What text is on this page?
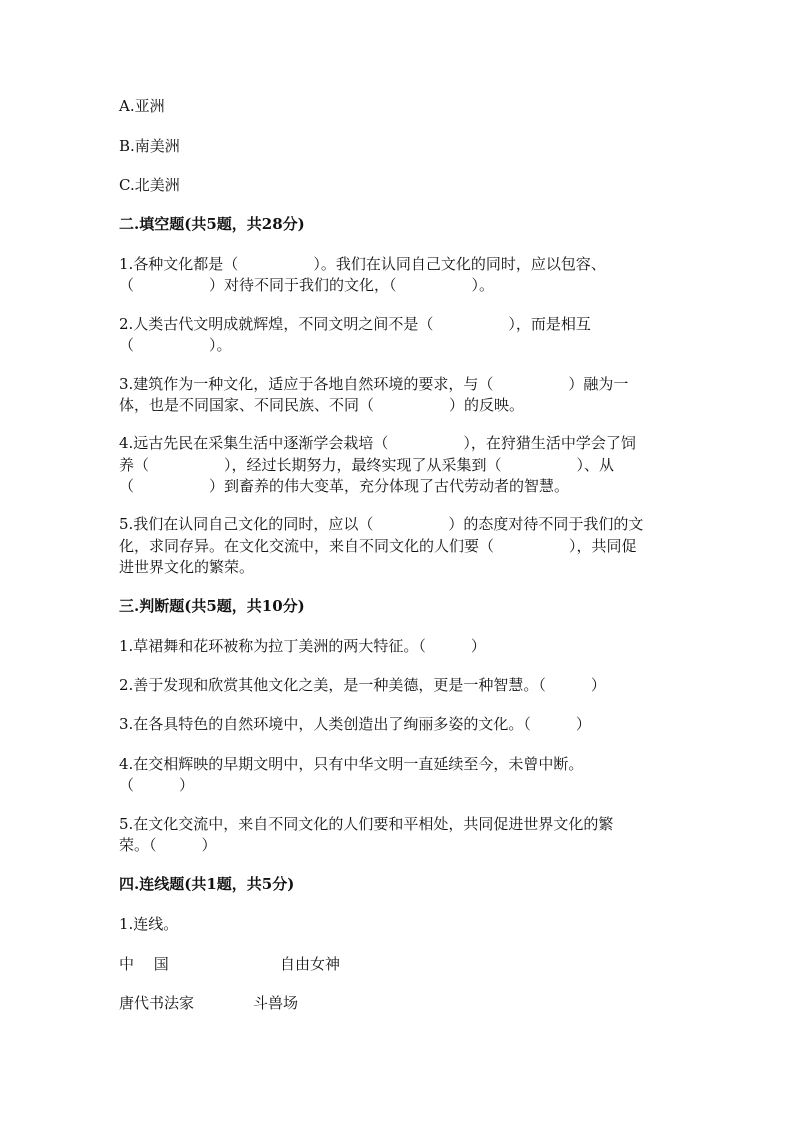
A.亚洲
B.南美洲
C.北美洲
二.填空题(共5题，共28分)
1.各种文化都是（　　　　　）。我们在认同自己文化的同时，应以包容、
（　　　　　）对待不同于我们的文化，（　　　　　）。
2.人类古代文明成就辉煌，不同文明之间不是（　　　　　），而是相互
（　　　　　）。
3.建筑作为一种文化，适应于各地自然环境的要求，与（　　　　　）融为一
体，也是不同国家、不同民族、不同（　　　　　）的反映。
4.远古先民在采集生活中逐渐学会栽培（　　　　　），在狩猎生活中学会了饲
养（　　　　　），经过长期努力，最终实现了从采集到（　　　　　）、从
（　　　　　）到畜养的伟大变革，充分体现了古代劳动者的智慧。
5.我们在认同自己文化的同时，应以（　　　　　）的态度对待不同于我们的文
化，求同存异。在文化交流中，来自不同文化的人们要（　　　　　），共同促
进世界文化的繁荣。
三.判断题(共5题，共10分)
1.草裙舞和花环被称为拉丁美洲的两大特征。（　　　）
2.善于发现和欣赏其他文化之美，是一种美德，更是一种智慧。（　　　）
3.在各具特色的自然环境中，人类创造出了绚丽多姿的文化。（　　　）
4.在交相辉映的早期文明中，只有中华文明一直延续至今，未曾中断。
（　　　）
5.在文化交流中，来自不同文化的人们要和平相处，共同促进世界文化的繁
荣。（　　　）
四.连线题(共1题，共5分)
1.连线。
中　 国	自由女神
唐代书法家	斗兽场
